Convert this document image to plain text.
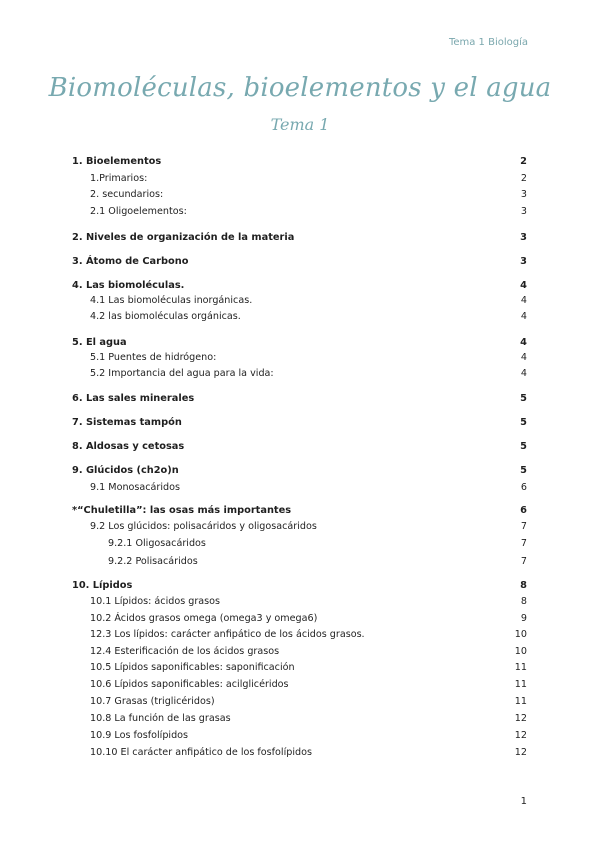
Tema 1 Biología
Biomoléculas, bioelementos y el agua
Tema 1
1. Bioelementos	2
1.Primarios:	2
2. secundarios:	3
2.1 Oligoelementos:	3
2. Niveles de organización de la materia	3
3. Átomo de Carbono	3
4. Las biomoléculas.	4
4.1 Las biomoléculas inorgánicas.	4
4.2 las biomoléculas orgánicas.	4
5. El agua	4
5.1 Puentes de hidrógeno:	4
5.2 Importancia del agua para la vida:	4
6. Las sales minerales	5
7. Sistemas tampón	5
8. Aldosas y cetosas	5
9. Glúcidos (ch2o)n	5
9.1 Monosacáridos	6
*“Chuletilla”: las osas más importantes	6
9.2 Los glúcidos: polisacáridos y oligosacáridos	7
9.2.1 Oligosacáridos	7
9.2.2 Polisacáridos	7
10. Lípidos	8
10.1 Lípidos: ácidos grasos	8
10.2 Ácidos grasos omega (omega3 y omega6)	9
12.3 Los lípidos: carácter anfipático de los ácidos grasos.	10
12.4 Esterificación de los ácidos grasos	10
10.5 Lípidos saponificables: saponificación	11
10.6 Lípidos saponificables: acilglicéridos	11
10.7 Grasas (triglicéridos)	11
10.8 La función de las grasas	12
10.9 Los fosfolípidos	12
10.10 El carácter anfipático de los fosfolípidos	12
1
